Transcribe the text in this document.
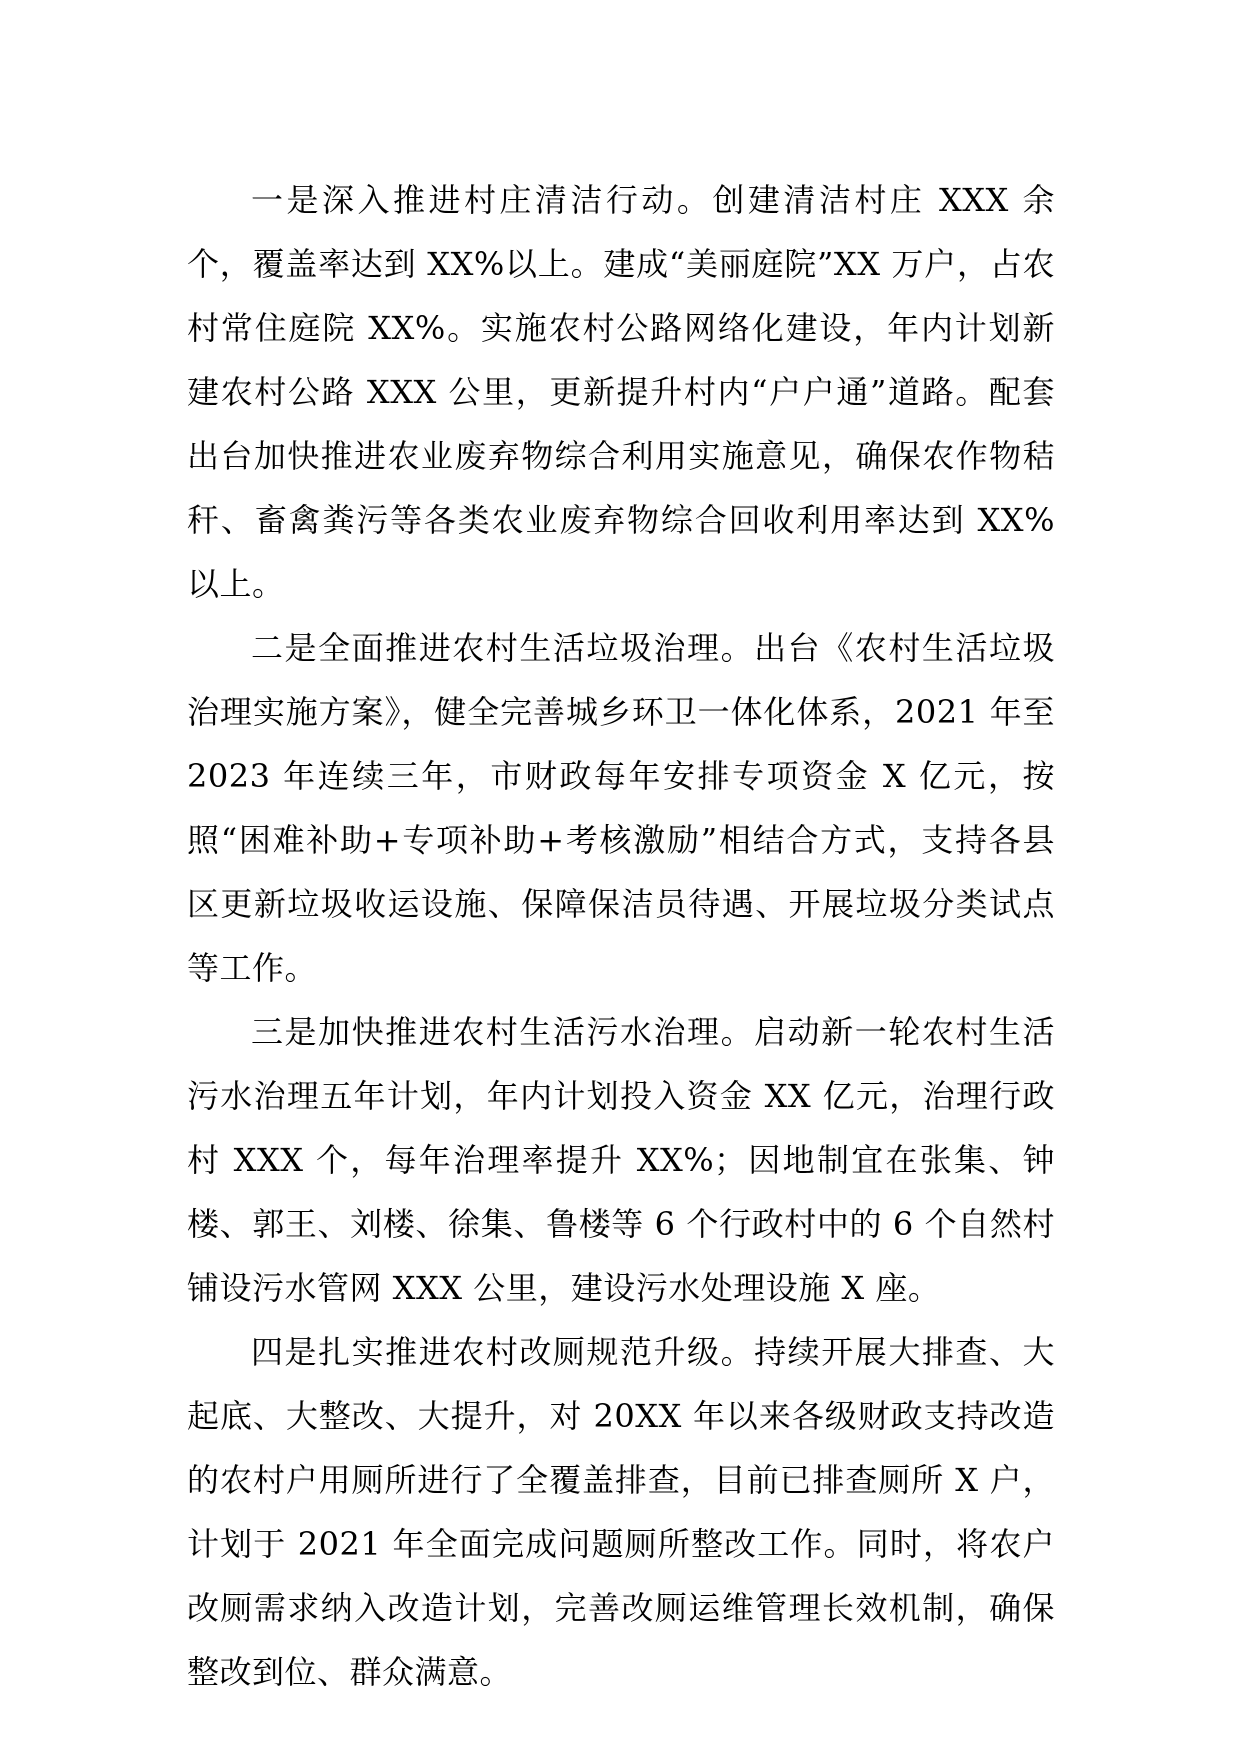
一是深入推进村庄清洁行动。创建清洁村庄 XXX 余个，覆盖率达到 XX%以上。建成“美丽庭院”XX 万户，占农村常住庭院 XX%。实施农村公路网络化建设，年内计划新建农村公路 XXX 公里，更新提升村内“户户通”道路。配套出台加快推进农业废弃物综合利用实施意见，确保农作物秸秆、畜禽粪污等各类农业废弃物综合回收利用率达到 XX%以上。

二是全面推进农村生活垃圾治理。出台《农村生活垃圾治理实施方案》，健全完善城乡环卫一体化体系，2021 年至 2023 年连续三年，市财政每年安排专项资金 X 亿元，按照“困难补助+专项补助+考核激励”相结合方式，支持各县区更新垃圾收运设施、保障保洁员待遇、开展垃圾分类试点等工作。

三是加快推进农村生活污水治理。启动新一轮农村生活污水治理五年计划，年内计划投入资金 XX 亿元，治理行政村 XXX 个，每年治理率提升 XX%；因地制宜在张集、钟楼、郭王、刘楼、徐集、鲁楼等 6 个行政村中的 6 个自然村铺设污水管网 XXX 公里，建设污水处理设施 X 座。

四是扎实推进农村改厕规范升级。持续开展大排查、大起底、大整改、大提升，对 20XX 年以来各级财政支持改造的农村户用厕所进行了全覆盖排查，目前已排查厕所 X 户，计划于 2021 年全面完成问题厕所整改工作。同时，将农户改厕需求纳入改造计划，完善改厕运维管理长效机制，确保整改到位、群众满意。
